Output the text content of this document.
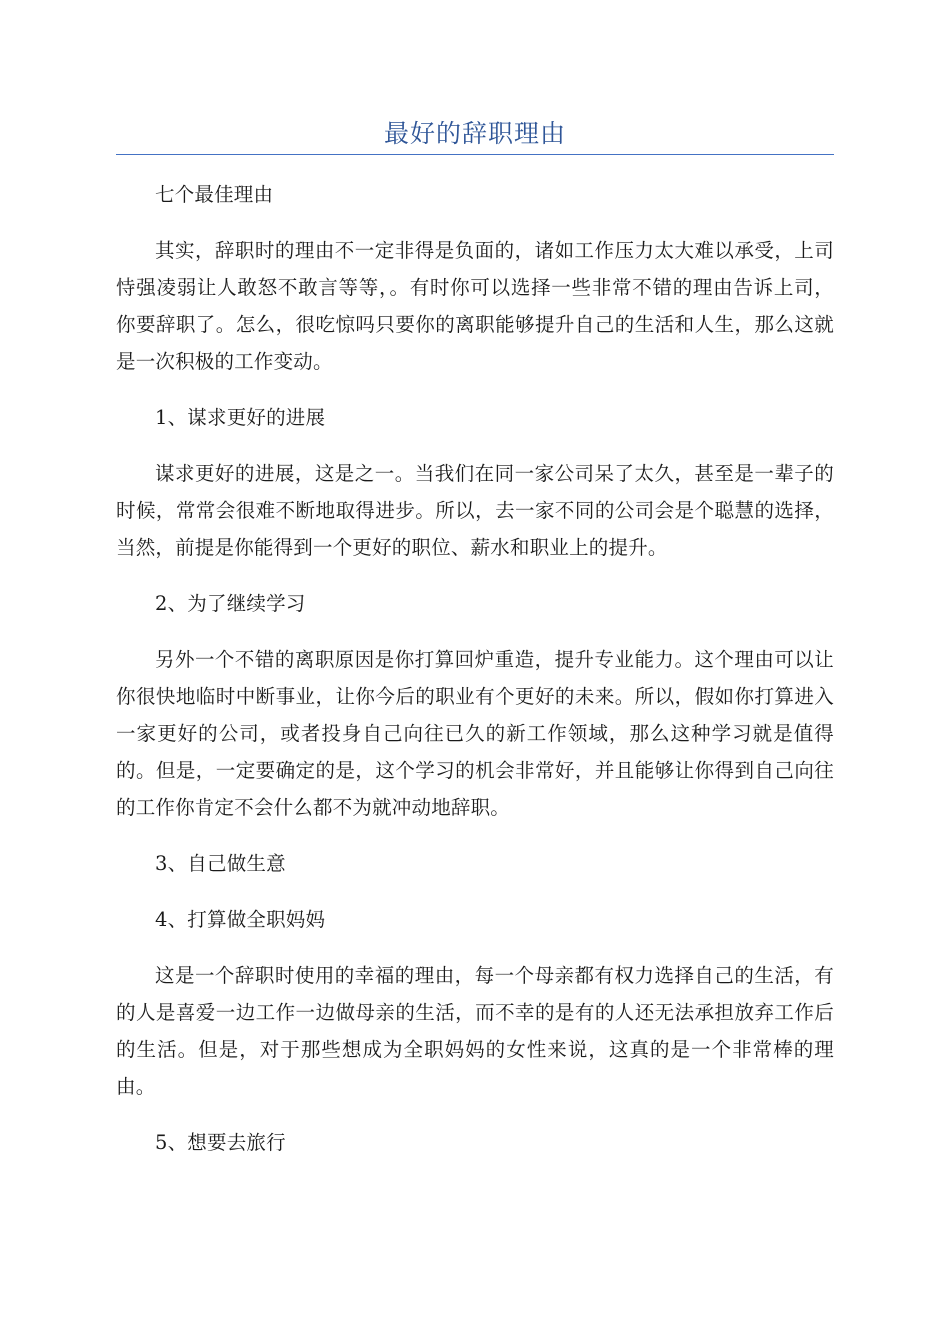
最好的辞职理由

七个最佳理由

其实，辞职时的理由不一定非得是负面的，诸如工作压力太大难以承受，上司恃强凌弱让人敢怒不敢言等等，。有时你可以选择一些非常不错的理由告诉上司，你要辞职了。怎么，很吃惊吗只要你的离职能够提升自己的生活和人生，那么这就是一次积极的工作变动。

1、谋求更好的进展

谋求更好的进展，这是之一。当我们在同一家公司呆了太久，甚至是一辈子的时候，常常会很难不断地取得进步。所以，去一家不同的公司会是个聪慧的选择，当然，前提是你能得到一个更好的职位、薪水和职业上的提升。

2、为了继续学习

另外一个不错的离职原因是你打算回炉重造，提升专业能力。这个理由可以让你很快地临时中断事业，让你今后的职业有个更好的未来。所以，假如你打算进入一家更好的公司，或者投身自己向往已久的新工作领域，那么这种学习就是值得的。但是，一定要确定的是，这个学习的机会非常好，并且能够让你得到自己向往的工作你肯定不会什么都不为就冲动地辞职。

3、自己做生意

4、打算做全职妈妈

这是一个辞职时使用的幸福的理由，每一个母亲都有权力选择自己的生活，有的人是喜爱一边工作一边做母亲的生活，而不幸的是有的人还无法承担放弃工作后的生活。但是，对于那些想成为全职妈妈的女性来说，这真的是一个非常棒的理由。

5、想要去旅行
